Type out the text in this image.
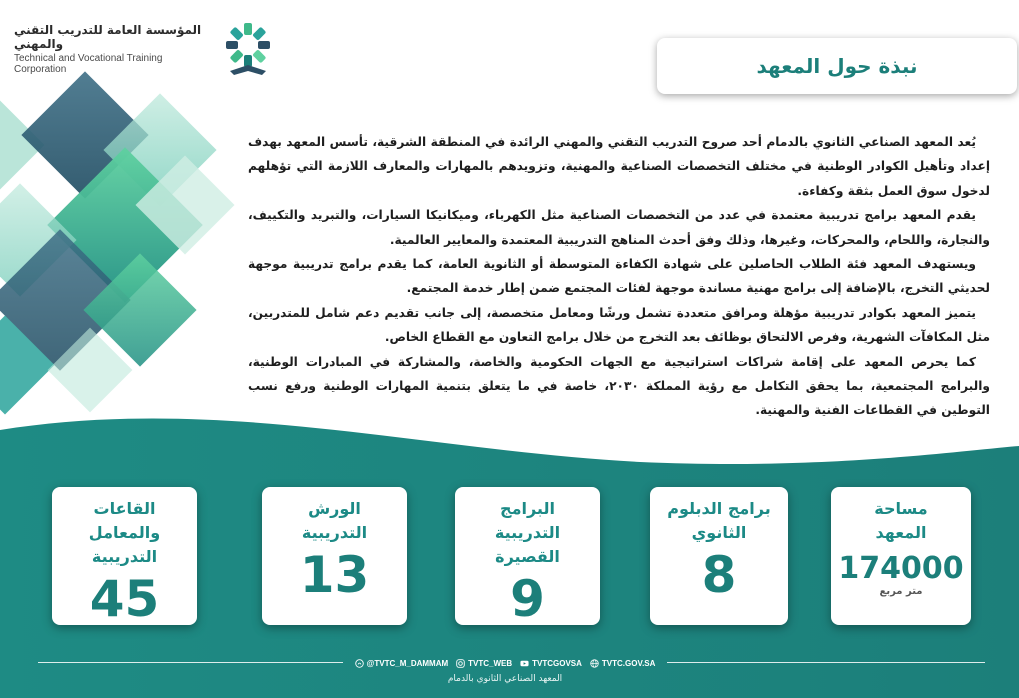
المؤسسة العامة للتدريب التقني والمهني
Technical and Vocational Training Corporation	نبذة حول المعهد

يُعد المعهد الصناعي الثانوي بالدمام أحد صروح التدريب التقني والمهني الرائدة في المنطقة الشرقية، تأسس المعهد بهدف إعداد وتأهيل الكوادر الوطنية في مختلف التخصصات الصناعية والمهنية، وتزويدهم بالمهارات والمعارف اللازمة التي تؤهلهم لدخول سوق العمل بثقة وكفاءة.

يقدم المعهد برامج تدريبية معتمدة في عدد من التخصصات الصناعية مثل الكهرباء، وميكانيكا السيارات، والتبريد والتكييف، والنجارة، واللحام، والمحركات، وغيرها، وذلك وفق أحدث المناهج التدريبية المعتمدة والمعايير العالمية.

ويستهدف المعهد فئة الطلاب الحاصلين على شهادة الكفاءة المتوسطة أو الثانوية العامة، كما يقدم برامج تدريبية موجهة لحديثي التخرج، بالإضافة إلى برامج مهنية مساندة موجهة لفئات المجتمع ضمن إطار خدمة المجتمع.

يتميز المعهد بكوادر تدريبية مؤهلة ومرافق متعددة تشمل ورشًا ومعامل متخصصة، إلى جانب تقديم دعم شامل للمتدربين، مثل المكافآت الشهرية، وفرص الالتحاق بوظائف بعد التخرج من خلال برامج التعاون مع القطاع الخاص.

كما يحرص المعهد على إقامة شراكات استراتيجية مع الجهات الحكومية والخاصة، والمشاركة في المبادرات الوطنية، والبرامج المجتمعية، بما يحقق التكامل مع رؤية المملكة ٢٠٣٠، خاصة في ما يتعلق بتنمية المهارات الوطنية ورفع نسب التوطين في القطاعات الفنية والمهنية.

مساحة المعهد
174000
متر مربع
برامج الدبلوم الثانوي
8
البرامج التدريبية القصيرة
9
الورش التدريبية
13
القاعات والمعامل التدريبية
45
@TVTC_M_DAMMAM	TVTC_WEB	TVTCGOVSA	TVTC.GOV.SA
المعهد الصناعي الثانوي بالدمام
